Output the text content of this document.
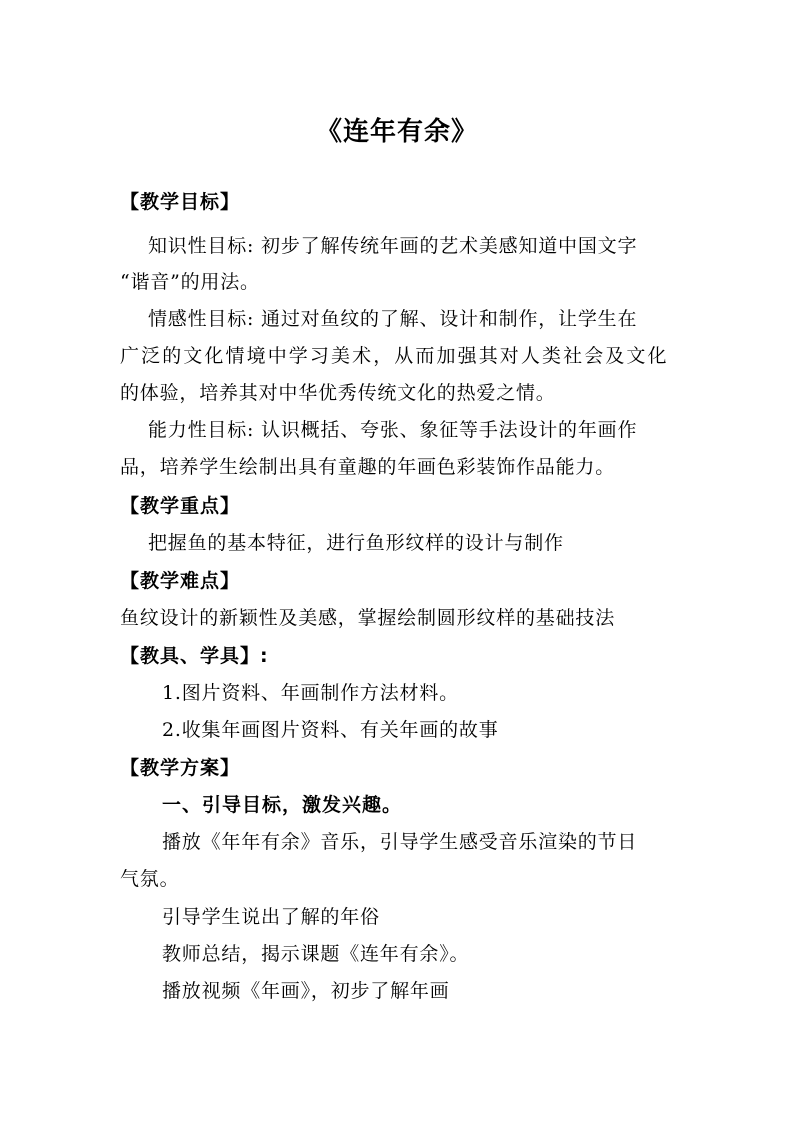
《连年有余》
【教学目标】
知识性目标: 初步了解传统年画的艺术美感知道中国文字
“谐音”的用法。
情感性目标: 通过对鱼纹的了解、设计和制作，让学生在
广泛的文化情境中学习美术，从而加强其对人类社会及文化
的体验，培养其对中华优秀传统文化的热爱之情。
能力性目标: 认识概括、夸张、象征等手法设计的年画作
品，培养学生绘制出具有童趣的年画色彩装饰作品能力。
【教学重点】
把握鱼的基本特征，进行鱼形纹样的设计与制作
【教学难点】
鱼纹设计的新颖性及美感，掌握绘制圆形纹样的基础技法
【教具、学具】:
1.图片资料、年画制作方法材料。
2.收集年画图片资料、有关年画的故事
【教学方案】
一、引导目标，激发兴趣。
播放《年年有余》音乐，引导学生感受音乐渲染的节日
气氛。
引导学生说出了解的年俗
教师总结，揭示课题《连年有余》。
播放视频《年画》，初步了解年画
